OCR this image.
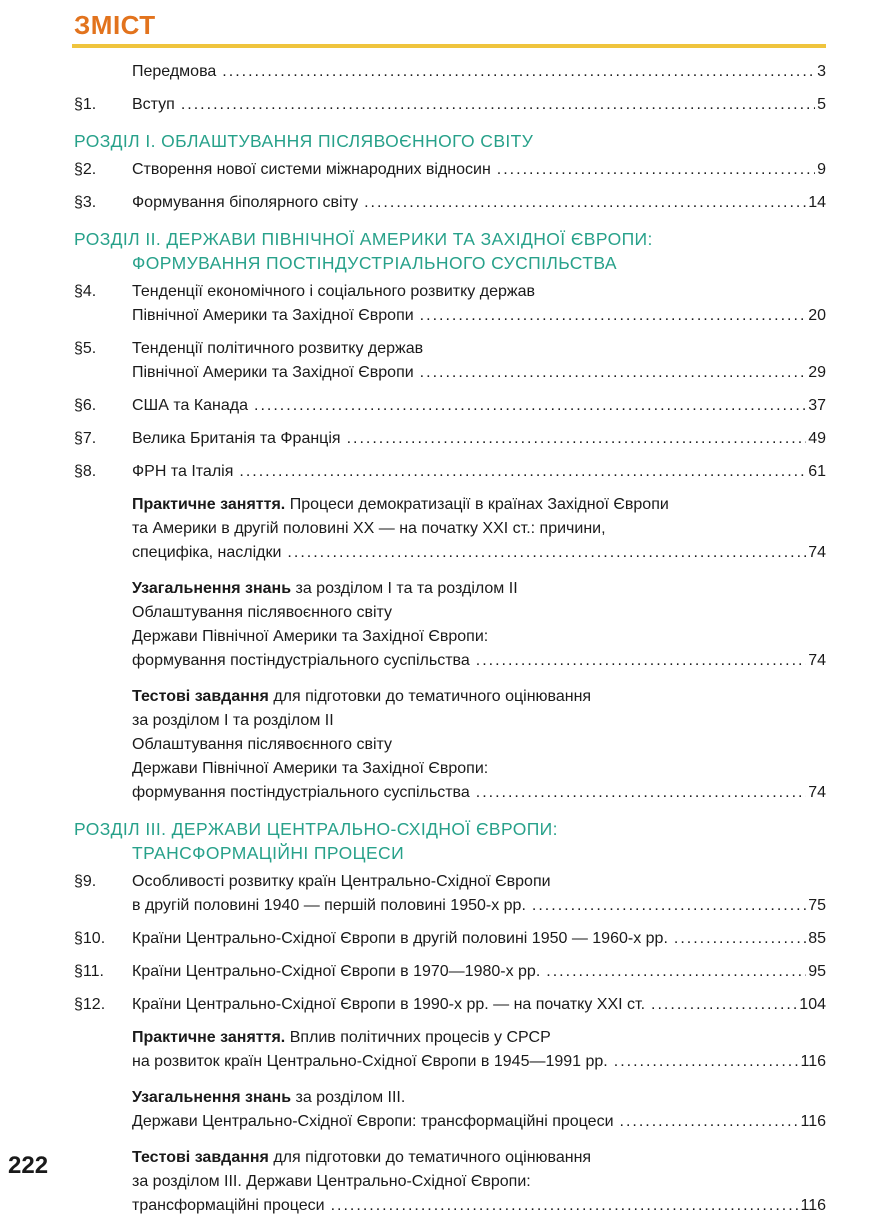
ЗМІСТ
Передмова .....	3
§1.	Вступ .....	5
РОЗДІЛ І. ОБЛАШТУВАННЯ ПІСЛЯВОЄННОГО СВІТУ
§2.	Створення нової системи міжнародних відносин .....	9
§3.	Формування біполярного світу .....	14
РОЗДІЛ ІІ. ДЕРЖАВИ ПІВНІЧНОЇ АМЕРИКИ ТА ЗАХІДНОЇ ЄВРОПИ:
ФОРМУВАННЯ ПОСТІНДУСТРІАЛЬНОГО СУСПІЛЬСТВА
§4.	Тенденції економічного і соціального розвитку держав
Північної Америки та Західної Європи .....	20
§5.	Тенденції політичного розвитку держав
Північної Америки та Західної Європи .....	29
§6.	США та Канада .....	37
§7.	Велика Британія та Франція .....	49
§8.	ФРН та Італія .....	61
Практичне заняття. Процеси демократизації в країнах Західної Європи
та Америки в другій половині XX — на початку XXI ст.: причини,
специфіка, наслідки .....	74
Узагальнення знань за розділом І та та розділом ІІ
Облаштування післявоєнного світу
Держави Північної Америки та Західної Європи:
формування постіндустріального суспільства .....	74
Тестові завдання для підготовки до тематичного оцінювання
за розділом І та розділом ІІ
Облаштування післявоєнного світу
Держави Північної Америки та Західної Європи:
формування постіндустріального суспільства .....	74
РОЗДІЛ ІІІ. ДЕРЖАВИ ЦЕНТРАЛЬНО-СХІДНОЇ ЄВРОПИ:
ТРАНСФОРМАЦІЙНІ ПРОЦЕСИ
§9.	Особливості розвитку країн Центрально-Східної Європи
в другій половині 1940 — першій половині 1950-х рр. .....	75
§10.	Країни Центрально-Східної Європи в другій половині 1950 — 1960-х рр. .....	85
§11.	Країни Центрально-Східної Європи в 1970—1980-х рр. .....	95
§12.	Країни Центрально-Східної Європи в 1990-х рр. — на початку XXI ст. .....	104
Практичне заняття. Вплив політичних процесів у СРСР
на розвиток країн Центрально-Східної Європи в 1945—1991 рр. .....	116
Узагальнення знань за розділом ІІІ.
Держави Центрально-Східної Європи: трансформаційні процеси .....	116
Тестові завдання для підготовки до тематичного оцінювання
за розділом ІІІ. Держави Центрально-Східної Європи:
трансформаційні процеси .....	116
222
